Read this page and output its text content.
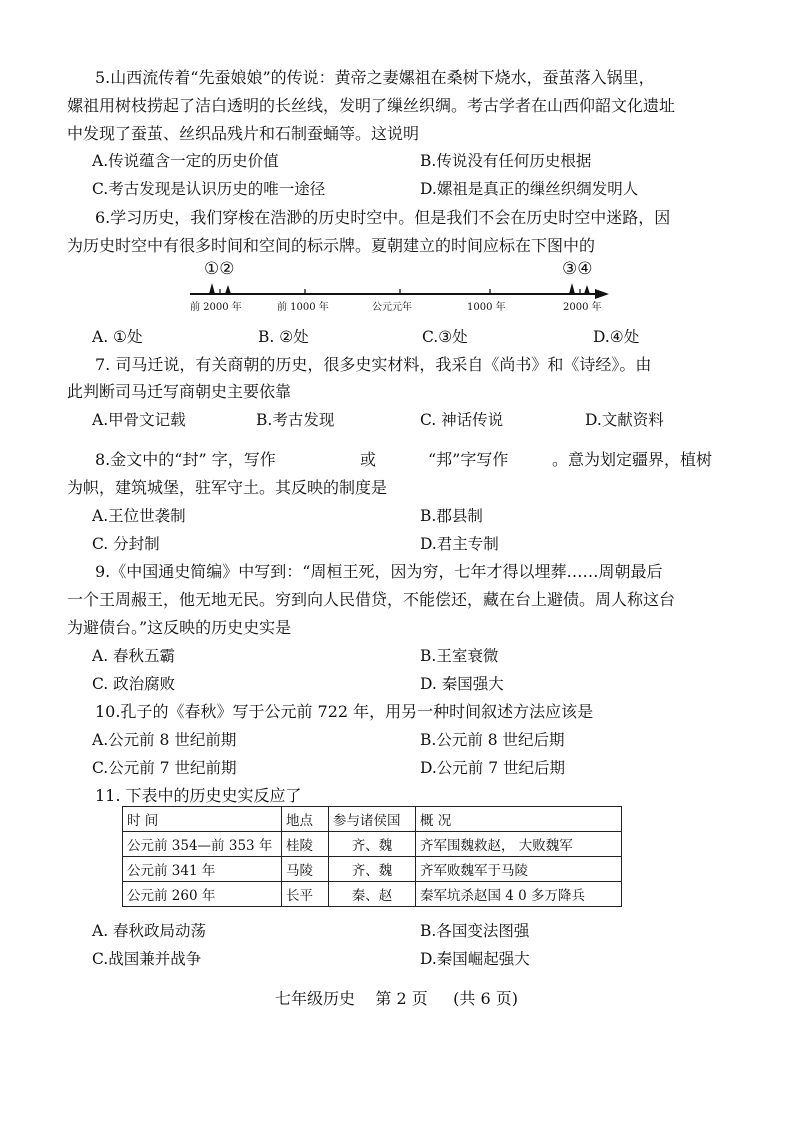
5.山西流传着“先蚕娘娘”的传说：黄帝之妻嫘祖在桑树下烧水，蚕茧落入锅里，
嫘祖用树枝捞起了洁白透明的长丝线，发明了缫丝织绸。考古学者在山西仰韶文化遗址
中发现了蚕茧、丝织品残片和石制蚕蛹等。这说明
A.传说蕴含一定的历史价值	B.传说没有任何历史根据
C.考古发现是认识历史的唯一途径	D.嫘祖是真正的缫丝织绸发明人
6.学习历史，我们穿梭在浩渺的历史时空中。但是我们不会在历史时空中迷路，因
为历史时空中有很多时间和空间的标示牌。夏朝建立的时间应标在下图中的
①②	③④
前 2000 年	前 1000 年	公元元年	1000 年	2000 年
A. ①处	B. ②处	C.③处	D.④处
7. 司马迁说，有关商朝的历史，很多史实材料，我采自《尚书》和《诗经》。由
此判断司马迁写商朝史主要依靠
A.甲骨文记载	B.考古发现	C. 神话传说	D.文献资料
8.金文中的“封” 字，写作	或	“邦”字写作	。意为划定疆界，植树
为帜，建筑城堡，驻军守土。其反映的制度是
A.王位世袭制	B.郡县制
C. 分封制	D.君主专制
9.《中国通史简编》中写到：“周桓王死，因为穷，七年才得以埋葬……周朝最后
一个王周赧王，他无地无民。穷到向人民借贷，不能偿还，藏在台上避债。周人称这台
为避债台。”这反映的历史史实是
A. 春秋五霸	B.王室衰微
C. 政治腐败	D. 秦国强大
10.孔子的《春秋》写于公元前 722 年，用另一种时间叙述方法应该是
A.公元前 8 世纪前期	B.公元前 8 世纪后期
C.公元前 7 世纪前期	D.公元前 7 世纪后期
11. 下表中的历史史实反应了
时 间	地点	参与诸侯国	概 况
公元前 354—前 353 年	桂陵	齐、魏	齐军围魏救赵， 大败魏军
公元前 341 年	马陵	齐、魏	齐军败魏军于马陵
公元前 260 年	长平	秦、赵	秦军坑杀赵国 4 0 多万降兵
A. 春秋政局动荡	B.各国变法图强
C.战国兼并战争	D.秦国崛起强大
七年级历史    第 2 页     (共 6 页)
